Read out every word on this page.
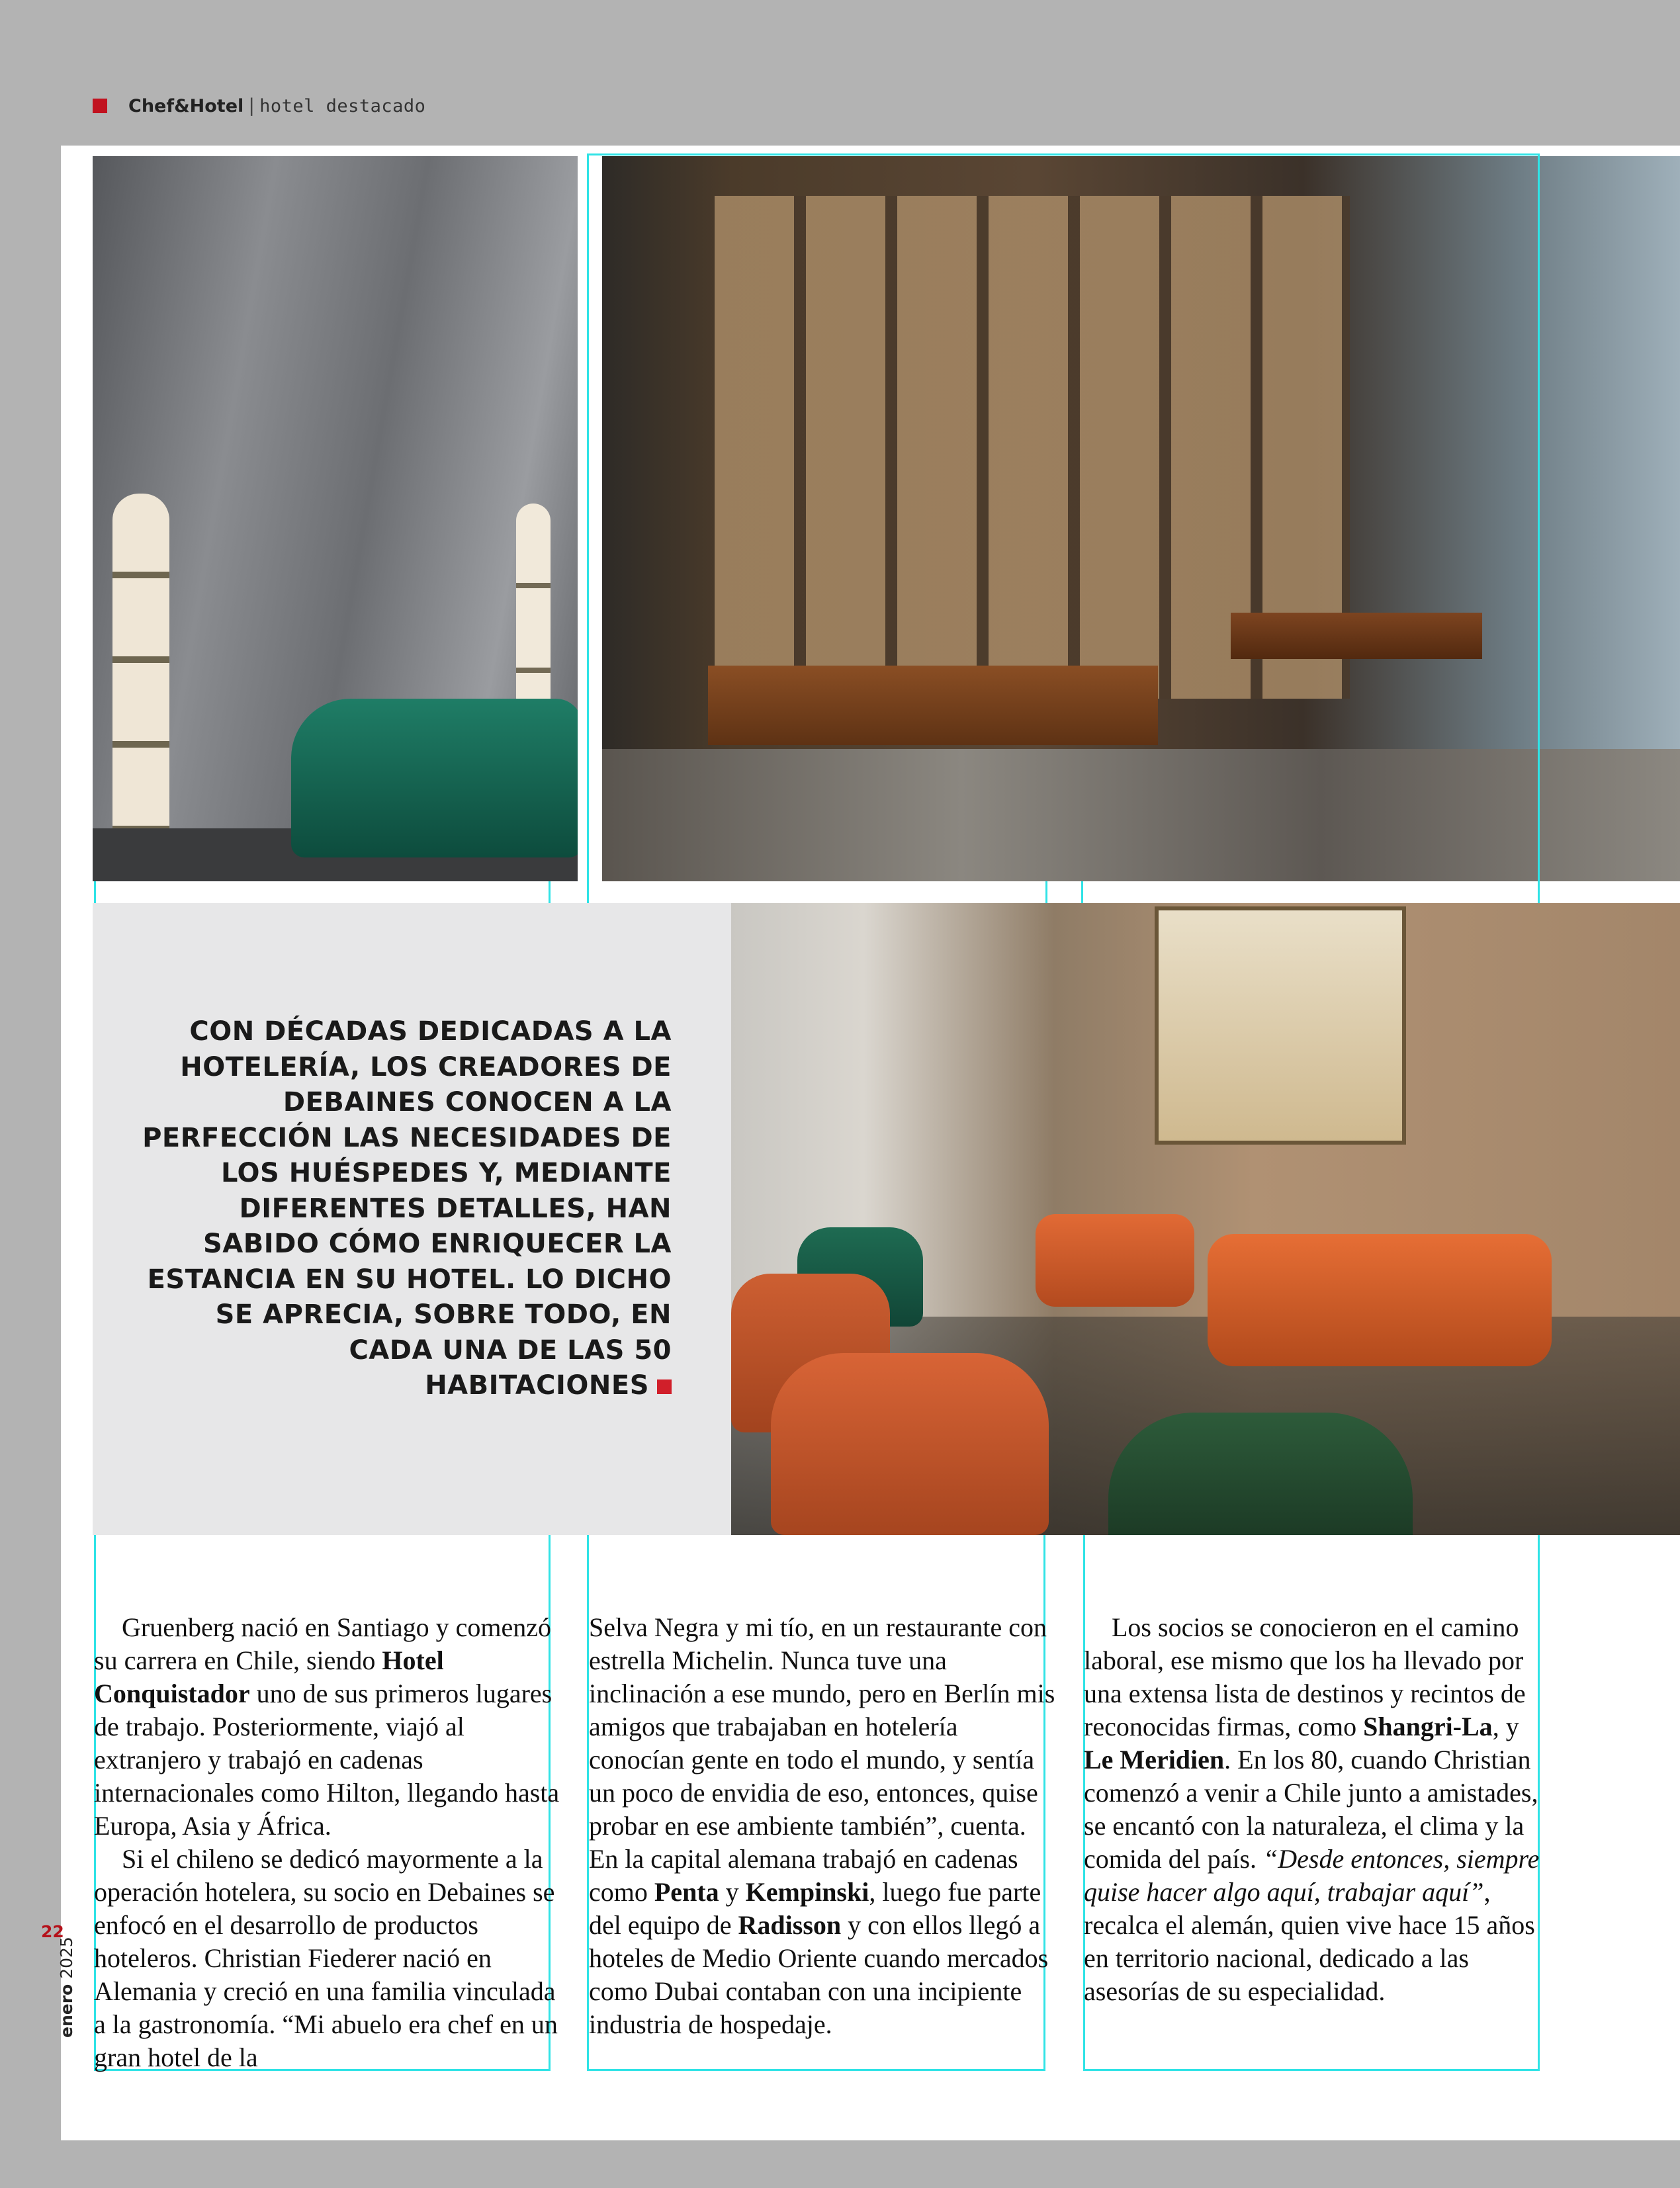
Chef&Hotel | hotel destacado
CON DÉCADAS DEDICADAS A LA HOTELERÍA, LOS CREADORES DE DEBAINES CONOCEN A LA PERFECCIÓN LAS NECESIDADES DE LOS HUÉSPEDES Y, MEDIANTE DIFERENTES DETALLES, HAN SABIDO CÓMO ENRIQUECER LA ESTANCIA EN SU HOTEL. LO DICHO SE APRECIA, SOBRE TODO, EN CADA UNA DE LAS 50 HABITACIONES

Gruenberg nació en Santiago y comenzó su carrera en Chile, siendo Hotel Conquistador uno de sus primeros lugares de trabajo. Posteriormente, viajó al extranjero y trabajó en cadenas internacionales como Hilton, llegando hasta Europa, Asia y África.

Si el chileno se dedicó mayormente a la operación hotelera, su socio en Debaines se enfocó en el desarrollo de productos hoteleros. Christian Fiederer nació en Alemania y creció en una familia vinculada a la gastronomía. “Mi abuelo era chef en un gran hotel de la

Selva Negra y mi tío, en un restaurante con estrella Michelin. Nunca tuve una inclinación a ese mundo, pero en Berlín mis amigos que trabajaban en hotelería conocían gente en todo el mundo, y sentía un poco de envidia de eso, entonces, quise probar en ese ambiente también”, cuenta. En la capital alemana trabajó en cadenas como Penta y Kempinski, luego fue parte del equipo de Radisson y con ellos llegó a hoteles de Medio Oriente cuando mercados como Dubai contaban con una incipiente industria de hospedaje.

Los socios se conocieron en el camino laboral, ese mismo que los ha llevado por una extensa lista de destinos y recintos de reconocidas firmas, como Shangri-La, y Le Meridien. En los 80, cuando Christian comenzó a venir a Chile junto a amistades, se encantó con la naturaleza, el clima y la comida del país. “Desde entonces, siempre quise hacer algo aquí, trabajar aquí”, recalca el alemán, quien vive hace 15 años en territorio nacional, dedicado a las asesorías de su especialidad.

22
enero2025
